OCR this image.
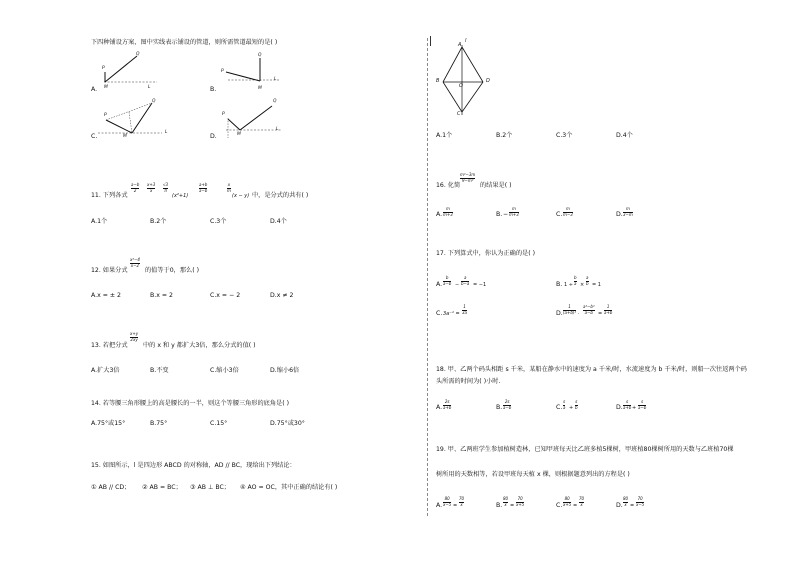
下四种铺设方案，图中实线表示铺设的管道，则所需管道最短的是( )
P
Q
M	L
A.
P
Q
M
L
B.
P
Q
M
L
C.
P
Q
M
L
D.
11. 下列各式
a−b
2
x+3
x
√3
π
(x²+1)
a+b
a−b
x
m
(x − y) 中，是分式的共有( )
A.1个	B.2个	C.3个	D.4个
12. 如果分式
x²−4
x−2
的值等于0，那么( )
A.x = ± 2	B.x = 2	C.x = − 2	D.x ≠ 2
13. 若把分式
x+y
2xy
中的 x 和 y 都扩大3倍，那么分式的值( )
A.扩大3倍	B.不变	C.缩小3倍	D.缩小6倍
14. 若等腰三角形腰上的高是腰长的一半，则这个等腰三角形的底角是( )
A.75°或15°	B.75°	C.15°	D.75°或30°
15. 如图所示，l 是四边形 ABCD 的对称轴，AD // BC，现给出下列结论：
① AB // CD； ② AB = BC； ③ AB ⊥ BC； ④ AO = OC，其中正确的结论有( )
A
B
C
D
O
l
A.1个	B.2个	C.3个	D.4个
16. 化简
m²−3m
9−m²
的结果是( )
A.
m
m+3	B. −
m
m+3	C.
m
m−3	D.
m
3−m
17. 下列算式中，你认为正确的是( )
A.
b
a−b −
a
b−a = −1	B. 1 ÷
b
a ×
a
b = 1
C. 3a⁻¹ =
1
3a	D.
1
(a+b)² ·
a²−b²
a−b =
1
a+b
18. 甲、乙两个码头相距 s 千米，某船在静水中的速度为 a 千米/时，水流速度为 b 千米/时，则船一次往返两个码
头所需的时间为( )小时.
A.
2s
a+b	B.
2s
a−b	C.
s
a +
s
b	D.
s
a+b +
s
a−b
19. 甲、乙两班学生参加植树造林，已知甲班每天比乙班多植5棵树，甲班植80棵树所用的天数与乙班植70棵
树所用的天数相等，若设甲班每天植 x 棵，则根据题意列出的方程是( )
A.
80
x−5 =
70
x	B.
80
x =
70
x+5	C.
80
x+5 =
70
x	D.
80
x =
70
x−5
